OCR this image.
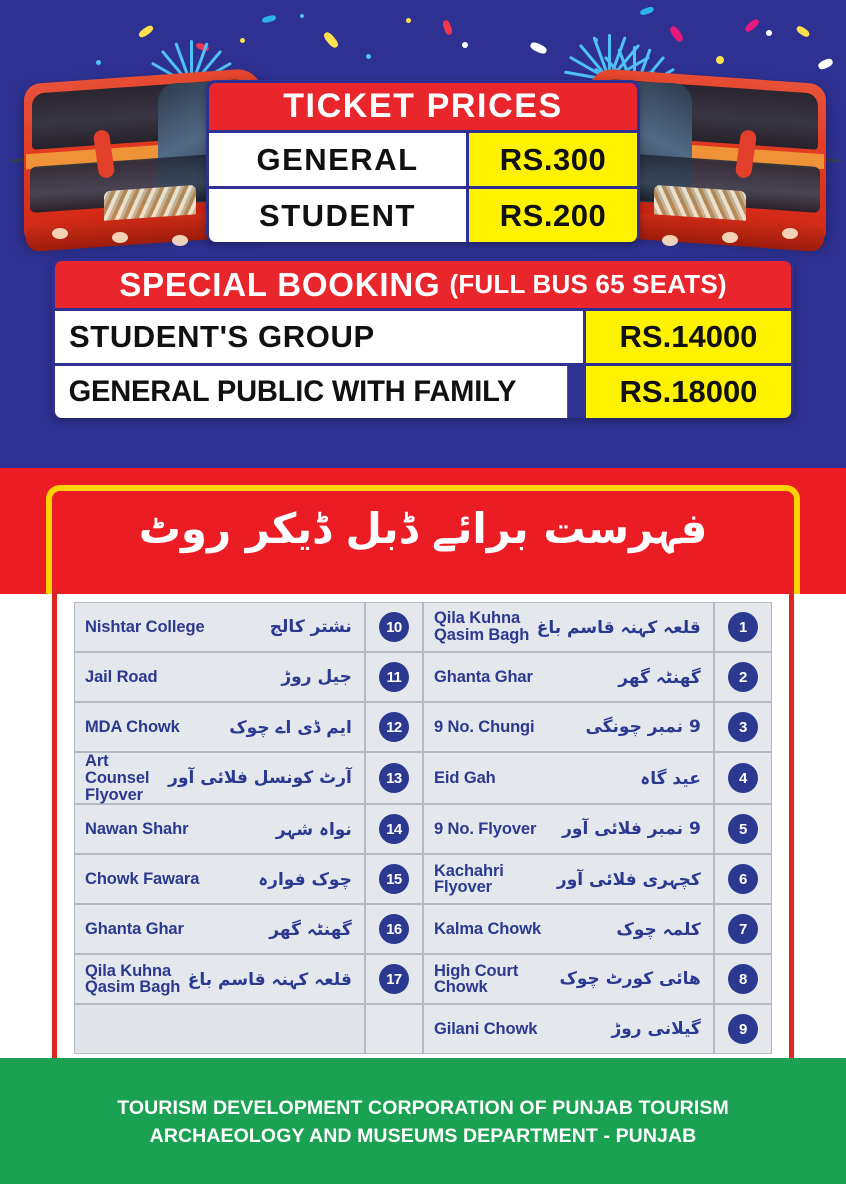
TICKET PRICES
GENERAL	RS.300
STUDENT	RS.200
SPECIAL BOOKING (FULL BUS 65 SEATS)
STUDENT'S GROUP	RS.14000
GENERAL PUBLIC WITH FAMILY	RS.18000
فہرست برائے ڈبل ڈیکر روٹ
Nishtar College	نشتر کالج	10	Qila Kuhna
Qasim Bagh قلعہ کہنہ قاسم باغ	1

Jail Road	جیل روڑ	11	Ghanta Ghar	گھنٹہ گھر	2

MDA Chowk	ایم ڈی اے چوک	12	9 No. Chungi	9 نمبر چونگی	3

Art Counsel
Flyover
آرٹ کونسل فلائی آور	13	Eid Gah	عید گاہ	4

Nawan Shahr	نواہ شہر	14	9 No. Flyover 9 نمبر فلائی آور	5

Chowk Fawara	چوک فوارہ	15	Kachahri
Flyover	کچہری فلائی آور	6

Ghanta Ghar	گھنٹہ گھر	16	Kalma Chowk	کلمہ چوک	7

Qila Kuhna
Qasim Bagh قلعہ کہنہ قاسم باغ	17	High Court
Chowk	ھائی کورٹ چوک	8

		Gilani Chowk گیلانی روڑ	9
TOURISM DEVELOPMENT CORPORATION OF PUNJAB TOURISM
ARCHAEOLOGY AND MUSEUMS DEPARTMENT - PUNJAB
